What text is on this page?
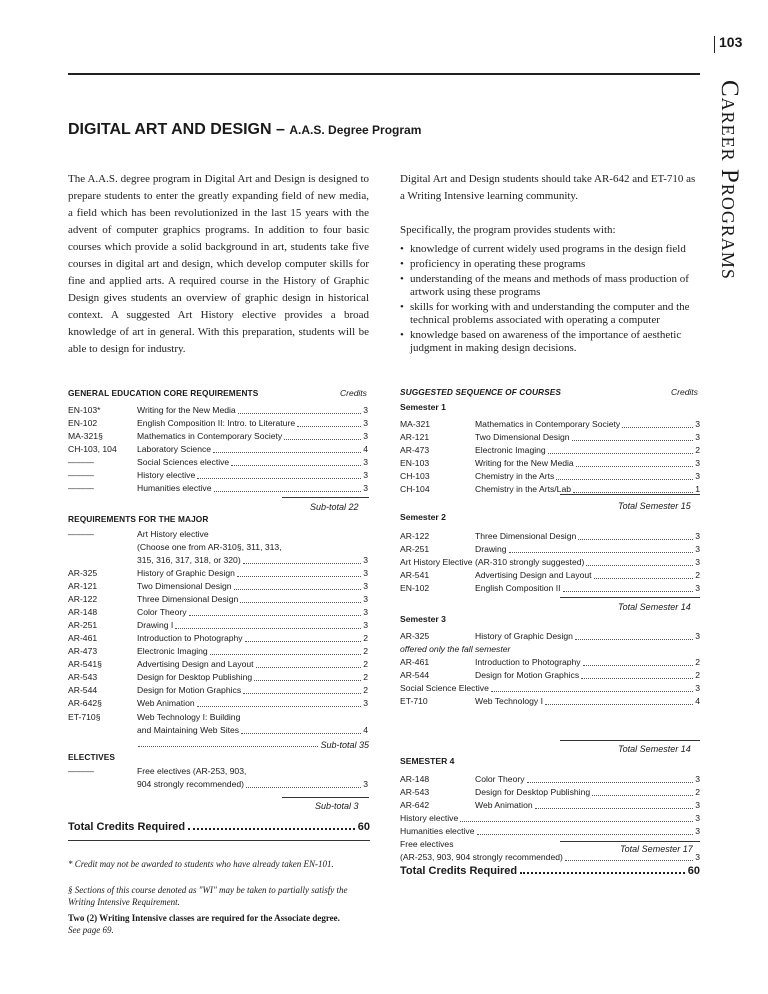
103
Career Programs
DIGITAL ART AND DESIGN – A.A.S. Degree Program
The A.A.S. degree program in Digital Art and Design is designed to prepare students to enter the greatly expanding field of new media, a field which has been revolutionized in the last 15 years with the advent of computer graphics programs. In addition to four basic courses which provide a solid background in art, students take five courses in digital art and design, which develop computer skills for fine and applied arts. A required course in the History of Graphic Design gives students an overview of graphic design in historical context. A suggested Art History elective provides a broad knowledge of art in general. With this preparation, students will be able to design for industry.

Digital Art and Design students should take AR-642 and ET-710 as a Writing Intensive learning community.

Specifically, the program provides students with:

• knowledge of current widely used programs in the design field
• proficiency in operating these programs
• understanding of the means and methods of mass production of artwork using these programs
• skills for working with and understanding the computer and the technical problems associated with operating a computer
• knowledge based on awareness of the importance of aesthetic judgment in making design decisions.
GENERAL EDUCATION CORE REQUIREMENTS	Credits
EN-103*	Writing for the New Media	3
EN-102	English Composition II: Intro. to Literature	3
MA-321§	Mathematics in Contemporary Society	3
CH-103, 104 Laboratory Science	4
———	Social Sciences elective	3
———	History elective	3
———	Humanities elective	3
Sub-total 22
REQUIREMENTS FOR THE MAJOR
———	Art History elective
(Choose one from AR-310§, 311, 313,
315, 316, 317, 318, or 320)	3
AR-325	History of Graphic Design	3
AR-121	Two Dimensional Design	3
AR-122	Three Dimensional Design	3
AR-148	Color Theory	3
AR-251	Drawing I	3
AR-461	Introduction to Photography	2
AR-473	Electronic Imaging	2
AR-541§	Advertising Design and Layout	2
AR-543	Design for Desktop Publishing	2
AR-544	Design for Motion Graphics	2
AR-642§	Web Animation	3
ET-710§	Web Technology I: Building
and Maintaining Web Sites	4
Sub-total 35
ELECTIVES
———	Free electives (AR-253, 903,
904 strongly recommended)	3
Sub-total 3
Total Credits Required	60
* Credit may not be awarded to students who have already taken EN-101.
§ Sections of this course denoted as "WI" may be taken to partially satisfy the Writing Intensive Requirement.
Two (2) Writing Intensive classes are required for the Associate degree.
See page 69.
SUGGESTED SEQUENCE OF COURSES	Credits
Semester 1
MA-321	Mathematics in Contemporary Society	3
AR-121	Two Dimensional Design	3
AR-473	Electronic Imaging	2
EN-103	Writing for the New Media	3
CH-103	Chemistry in the Arts	3
CH-104	Chemistry in the Arts/Lab	1
Total Semester 15
Semester 2
AR-122	Three Dimensional Design	3
AR-251	Drawing	3
Art History Elective (AR-310 strongly suggested)	3
AR-541	Advertising Design and Layout	2
EN-102	English Composition II	3
Total Semester 14
Semester 3
AR-325	History of Graphic Design	3
offered only the fall semester
AR-461	Introduction to Photography	2
AR-544	Design for Motion Graphics	2
Social Science Elective	3
ET-710	Web Technology I	4
Total Semester 14
SEMESTER 4
AR-148	Color Theory	3
AR-543	Design for Desktop Publishing	2
AR-642	Web Animation	3
History elective	3
Humanities elective	3
Free electives
(AR-253, 903, 904 strongly recommended)	3
Total Semester 17
Total Credits Required	60
